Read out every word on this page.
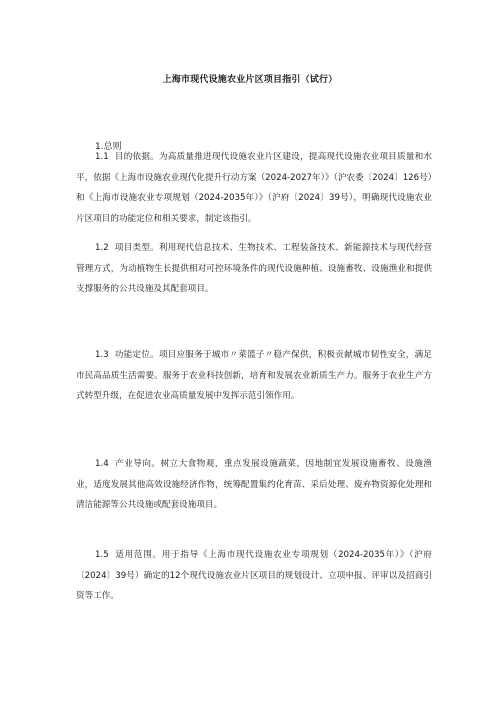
上海市现代设施农业片区项目指引（试行）
1.总则

1.1 目的依据。为高质量推进现代设施农业片区建设，提高现代设施农业项目质量和水平，依据《上海市设施农业现代化提升行动方案（2024-2027年）》（沪农委〔2024〕126号）和《上海市设施农业专项规划（2024-2035年）》（沪府〔2024〕39号），明确现代设施农业片区项目的功能定位和相关要求，制定该指引。

1.2 项目类型。利用现代信息技术、生物技术、工程装备技术、新能源技术与现代经营管理方式，为动植物生长提供相对可控环境条件的现代设施种植、设施畜牧、设施渔业和提供支撑服务的公共设施及其配套项目。

1.3 功能定位。项目应服务于城市〃菜篮子〃稳产保供，积极贡献城市韧性安全，满足市民高品质生活需要。服务于农业科技创新，培育和发展农业新质生产力。服务于农业生产方式转型升级，在促进农业高质量发展中发挥示范引领作用。

1.4 产业导向。树立大食物观，重点发展设施蔬菜，因地制宜发展设施畜牧、设施渔业，适度发展其他高效设施经济作物，统筹配置集约化育苗、采后处理、废弃物资源化处理和清洁能源等公共设施或配套设施项目。

1.5 适用范围。用于指导《上海市现代设施农业专项规划（2024-2035年）》（沪府〔2024〕39号）确定的12个现代设施农业片区项目的规划设计、立项申报、评审以及招商引资等工作。
